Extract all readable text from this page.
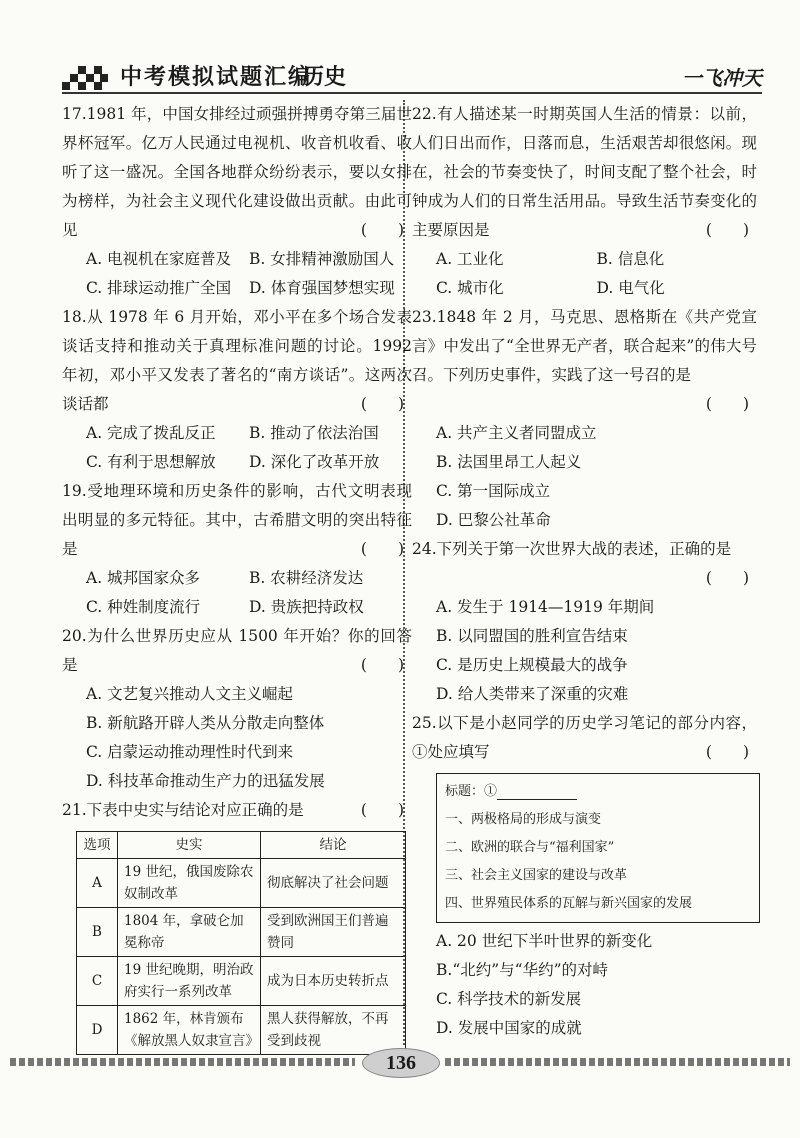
中考模拟试题汇编
历史	一飞冲天
17.1981 年，中国女排经过顽强拼搏勇夺第三届世界杯冠军。亿万人民通过电视机、收音机收看、收听了这一盛况。全国各地群众纷纷表示，要以女排为榜样，为社会主义现代化建设做出贡献。由此可见	(　　)
A. 电视机在家庭普及	B. 女排精神激励国人
C. 排球运动推广全国	D. 体育强国梦想实现
18.从 1978 年 6 月开始，邓小平在多个场合发表谈话支持和推动关于真理标准问题的讨论。1992 年初，邓小平又发表了著名的“南方谈话”。这两次谈话都	(　　)
A. 完成了拨乱反正	B. 推动了依法治国
C. 有利于思想解放	D. 深化了改革开放
19.受地理环境和历史条件的影响，古代文明表现出明显的多元特征。其中，古希腊文明的突出特征是	(　　)
A. 城邦国家众多	B. 农耕经济发达
C. 种姓制度流行	D. 贵族把持政权
20.为什么世界历史应从 1500 年开始？你的回答是	(　　)
A. 文艺复兴推动人文主义崛起
B. 新航路开辟人类从分散走向整体
C. 启蒙运动推动理性时代到来
D. 科技革命推动生产力的迅猛发展
21.下表中史实与结论对应正确的是	(　　)
选项	史实	结论
A	19 世纪，俄国废除农奴制改革	彻底解决了社会问题
B	1804 年，拿破仑加冕称帝	受到欧洲国王们普遍赞同
C	19 世纪晚期，明治政府实行一系列改革	成为日本历史转折点
D	1862 年，林肯颁布《解放黑人奴隶宣言》	黑人获得解放，不再受到歧视
22.有人描述某一时期英国人生活的情景：以前，人们日出而作，日落而息，生活艰苦却很悠闲。现在，社会的节奏变快了，时间支配了整个社会，时钟成为人们的日常生活用品。导致生活节奏变化的主要原因是	(　　)
A. 工业化	B. 信息化
C. 城市化	D. 电气化
23.1848 年 2 月，马克思、恩格斯在《共产党宣言》中发出了“全世界无产者，联合起来”的伟大号召。下列历史事件，实践了这一号召的是
(　　)
A. 共产主义者同盟成立
B. 法国里昂工人起义
C. 第一国际成立
D. 巴黎公社革命
24.下列关于第一次世界大战的表述，正确的是
(　　)
A. 发生于 1914—1919 年期间
B. 以同盟国的胜利宣告结束
C. 是历史上规模最大的战争
D. 给人类带来了深重的灾难
25.以下是小赵同学的历史学习笔记的部分内容，①处应填写	(　　)
标题：①
一、两极格局的形成与演变
二、欧洲的联合与“福利国家”
三、社会主义国家的建设与改革
四、世界殖民体系的瓦解与新兴国家的发展
A. 20 世纪下半叶世界的新变化
B.“北约”与“华约”的对峙
C. 科学技术的新发展
D. 发展中国家的成就
136
